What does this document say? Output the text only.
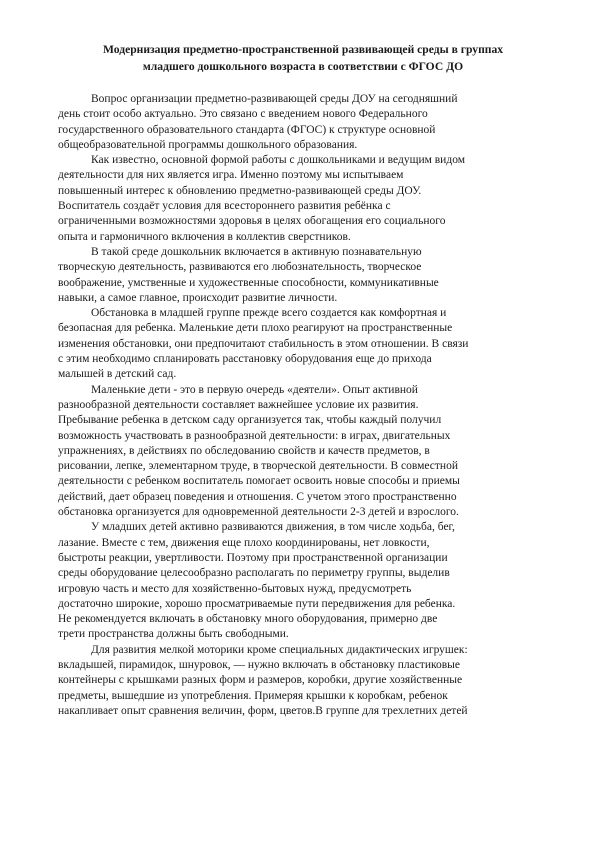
Модернизация предметно-пространственной развивающей среды в группах
младшего дошкольного возраста в соответствии с ФГОС ДО

Вопрос организации предметно-развивающей среды ДОУ на сегодняшний
день стоит особо актуально. Это связано с введением нового Федерального
государственного образовательного стандарта (ФГОС) к структуре основной
общеобразовательной программы дошкольного образования.

Как известно, основной формой работы с дошкольниками и ведущим видом
деятельности для них является игра. Именно поэтому мы испытываем
повышенный интерес к обновлению предметно-развивающей среды ДОУ.
Воспитатель создаёт условия для всестороннего развития ребёнка с
ограниченными возможностями здоровья в целях обогащения его социального
опыта и гармоничного включения в коллектив сверстников.

В такой среде дошкольник включается в активную познавательную
творческую деятельность, развиваются его любознательность, творческое
воображение, умственные и художественные способности, коммуникативные
навыки, а самое главное, происходит развитие личности.

Обстановка в младшей группе прежде всего создается как комфортная и
безопасная для ребенка. Маленькие дети плохо реагируют на пространственные
изменения обстановки, они предпочитают стабильность в этом отношении. В связи
с этим необходимо спланировать расстановку оборудования еще до прихода
малышей в детский сад.

Маленькие дети - это в первую очередь «деятели». Опыт активной
разнообразной деятельности составляет важнейшее условие их развития.
Пребывание ребенка в детском саду организуется так, чтобы каждый получил
возможность участвовать в разнообразной деятельности: в играх, двигательных
упражнениях, в действиях по обследованию свойств и качеств предметов, в
рисовании, лепке, элементарном труде, в творческой деятельности. В совместной
деятельности с ребенком воспитатель помогает освоить новые способы и приемы
действий, дает образец поведения и отношения. С учетом этого пространственно
обстановка организуется для одновременной деятельности 2-3 детей и взрослого.

У младших детей активно развиваются движения, в том числе ходьба, бег,
лазание. Вместе с тем, движения еще плохо координированы, нет ловкости,
быстроты реакции, увертливости. Поэтому при пространственной организации
среды оборудование целесообразно располагать по периметру группы, выделив
игровую часть и место для хозяйственно-бытовых нужд, предусмотреть
достаточно широкие, хорошо просматриваемые пути передвижения для ребенка.
Не рекомендуется включать в обстановку много оборудования, примерно две
трети пространства должны быть свободными.

Для развития мелкой моторики кроме специальных дидактических игрушек:
вкладышей, пирамидок, шнуровок, — нужно включать в обстановку пластиковые
контейнеры с крышками разных форм и размеров, коробки, другие хозяйственные
предметы, вышедшие из употребления. Примеряя крышки к коробкам, ребенок
накапливает опыт сравнения величин, форм, цветов.В группе для трехлетних детей
